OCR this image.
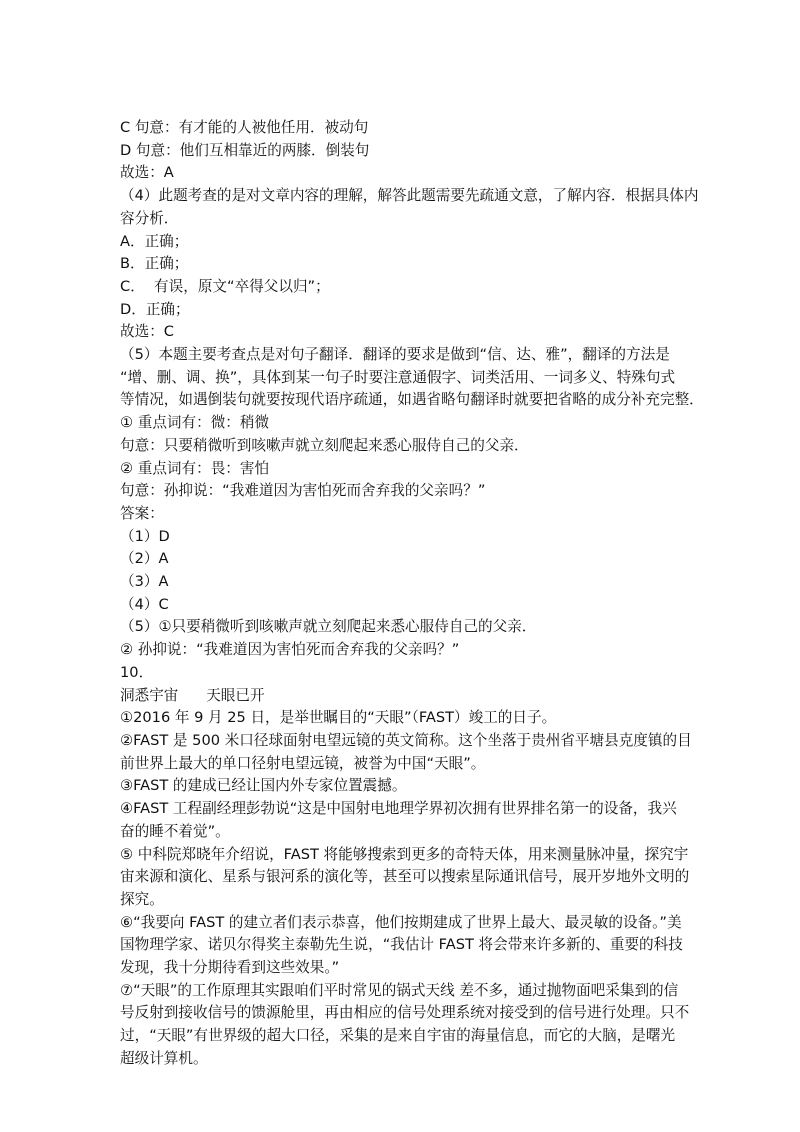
C 句意：有才能的人被他任用．被动句
D 句意：他们互相靠近的两膝．倒装句
故选：A
（4）此题考查的是对文章内容的理解，解答此题需要先疏通文意，了解内容．根据具体内
容分析．
A．正确；
B．正确；
C．  有误，原文“卒得父以归”；
D．正确；
故选：C
（5）本题主要考查点是对句子翻译．翻译的要求是做到“信、达、雅”，翻译的方法是
“增、删、调、换”，具体到某一句子时要注意通假字、词类活用、一词多义、特殊句式
等情况，如遇倒装句就要按现代语序疏通，如遇省略句翻译时就要把省略的成分补充完整．
① 重点词有：微：稍微
句意：只要稍微听到咳嗽声就立刻爬起来悉心服侍自己的父亲．
② 重点词有：畏：害怕
句意：孙抑说：“我难道因为害怕死而舍弃我的父亲吗？”
答案：
（1）D
（2）A
（3）A
（4）C
（5）①只要稍微听到咳嗽声就立刻爬起来悉心服侍自己的父亲．
② 孙抑说：“我难道因为害怕死而舍弃我的父亲吗？”
10．
洞悉宇宙      天眼已开
①2016 年 9 月 25 日，是举世瞩目的“天眼”（FAST）竣工的日子。
②FAST 是 500 米口径球面射电望远镜的英文简称。这个坐落于贵州省平塘县克度镇的目
前世界上最大的单口径射电望远镜，被誉为中国“天眼”。
③FAST 的建成已经让国内外专家位置震撼。
④FAST 工程副经理彭勃说“这是中国射电地理学界初次拥有世界排名第一的设备，我兴
奋的睡不着觉”。
⑤ 中科院郑晓年介绍说，FAST 将能够搜索到更多的奇特天体，用来测量脉冲量，探究宇
宙来源和演化、星系与银河系的演化等，甚至可以搜索星际通讯信号，展开岁地外文明的
探究。
⑥“我要向 FAST 的建立者们表示恭喜，他们按期建成了世界上最大、最灵敏的设备。”美
国物理学家、诺贝尔得奖主泰勒先生说，“我估计 FAST 将会带来许多新的、重要的科技
发现，我十分期待看到这些效果。”
⑦“天眼”的工作原理其实跟咱们平时常见的锅式天线 差不多，通过抛物面吧采集到的信
号反射到接收信号的馈源舱里，再由相应的信号处理系统对接受到的信号进行处理。只不
过，“天眼”有世界级的超大口径，采集的是来自宇宙的海量信息，而它的大脑，是曙光
超级计算机。
